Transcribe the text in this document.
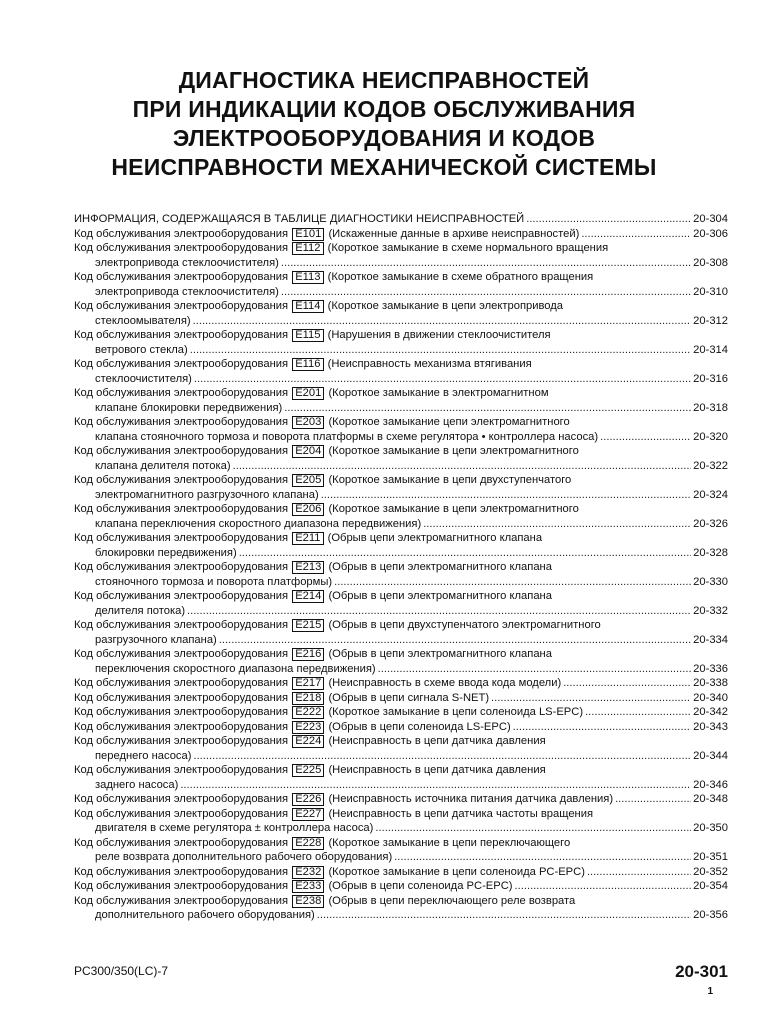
ДИАГНОСТИКА НЕИСПРАВНОСТЕЙ
ПРИ ИНДИКАЦИИ КОДОВ ОБСЛУЖИВАНИЯ
ЭЛЕКТРООБОРУДОВАНИЯ И КОДОВ
НЕИСПРАВНОСТИ МЕХАНИЧЕСКОЙ СИСТЕМЫ
ИНФОРМАЦИЯ, СОДЕРЖАЩАЯСЯ В ТАБЛИЦЕ ДИАГНОСТИКИ НЕИСПРАВНОСТЕЙ .....	20-304
Код обслуживания электрооборудования E101 (Искаженные данные в архиве неисправностей) .....	20-306
Код обслуживания электрооборудования E112 (Короткое замыкание в схеме нормального вращения
электропривода стеклоочистителя) .....	20-308
Код обслуживания электрооборудования E113 (Короткое замыкание в схеме обратного вращения
электропривода стеклоочистителя) .....	20-310
Код обслуживания электрооборудования E114 (Короткое замыкание в цепи электропривода
стеклоомывателя) .....	20-312
Код обслуживания электрооборудования E115 (Нарушения в движении стеклоочистителя
ветрового стекла) .....	20-314
Код обслуживания электрооборудования E116 (Неисправность механизма втягивания
стеклоочистителя) .....	20-316
Код обслуживания электрооборудования E201 (Короткое замыкание в электромагнитном
клапане блокировки передвижения) .....	20-318
Код обслуживания электрооборудования E203 (Короткое замыкание цепи электромагнитного
клапана стояночного тормоза и поворота платформы в схеме регулятора • контроллера насоса) .....	20-320
Код обслуживания электрооборудования E204 (Короткое замыкание в цепи электромагнитного
клапана делителя потока) .....	20-322
Код обслуживания электрооборудования E205 (Короткое замыкание в цепи двухступенчатого
электромагнитного разгрузочного клапана) .....	20-324
Код обслуживания электрооборудования E206 (Короткое замыкание в цепи электромагнитного
клапана переключения скоростного диапазона передвижения) .....	20-326
Код обслуживания электрооборудования E211 (Обрыв цепи электромагнитного клапана
блокировки передвижения) .....	20-328
Код обслуживания электрооборудования E213 (Обрыв в цепи электромагнитного клапана
стояночного тормоза и поворота платформы) .....	20-330
Код обслуживания электрооборудования E214 (Обрыв в цепи электромагнитного клапана
делителя потока) .....	20-332
Код обслуживания электрооборудования E215 (Обрыв в цепи двухступенчатого электромагнитного
разгрузочного клапана) .....	20-334
Код обслуживания электрооборудования E216 (Обрыв в цепи электромагнитного клапана
переключения скоростного диапазона передвижения) .....	20-336
Код обслуживания электрооборудования E217 (Неисправность в схеме ввода кода модели) .....	20-338
Код обслуживания электрооборудования E218 (Обрыв в цепи сигнала S-NET) .....	20-340
Код обслуживания электрооборудования E222 (Короткое замыкание в цепи соленоида LS-EPC) .....	20-342
Код обслуживания электрооборудования E223 (Обрыв в цепи соленоида LS-EPC) .....	20-343
Код обслуживания электрооборудования E224 (Неисправность в цепи датчика давления
переднего насоса) .....	20-344
Код обслуживания электрооборудования E225 (Неисправность в цепи датчика давления
заднего насоса) .....	20-346
Код обслуживания электрооборудования E226 (Неисправность источника питания датчика давления) .....	20-348
Код обслуживания электрооборудования E227 (Неисправность в цепи датчика частоты вращения
двигателя в схеме регулятора ± контроллера насоса) .....	20-350
Код обслуживания электрооборудования E228 (Короткое замыкание в цепи переключающего
реле возврата дополнительного рабочего оборудования) .....	20-351
Код обслуживания электрооборудования E232 (Короткое замыкание в цепи соленоида PC-EPC) .....	20-352
Код обслуживания электрооборудования E233 (Обрыв в цепи соленоида PC-EPC) .....	20-354
Код обслуживания электрооборудования E238 (Обрыв в цепи переключающего реле возврата
дополнительного рабочего оборудования) .....	20-356
PC300/350(LC)-7	20-301
1
